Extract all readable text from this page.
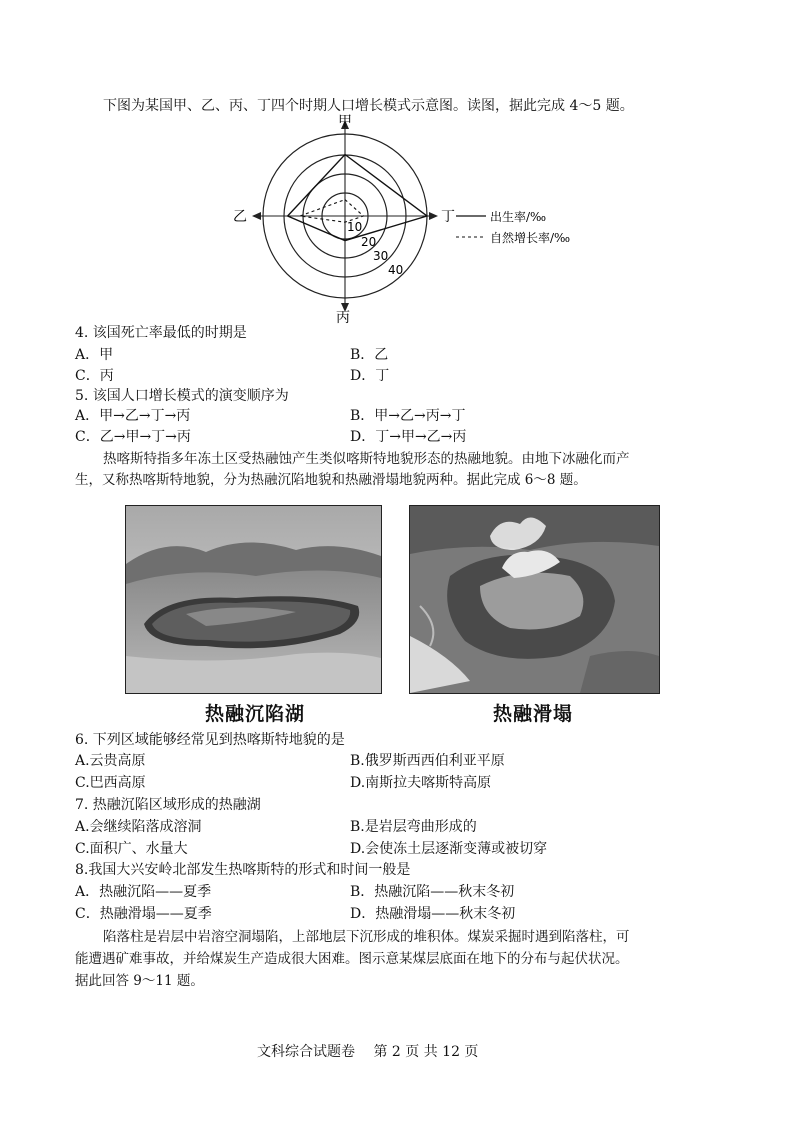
下图为某国甲、乙、丙、丁四个时期人口增长模式示意图。读图，据此完成 4～5 题。
甲
乙	丁
丙
10
20
30
40
出生率/‰
自然增长率/‰
4. 该国死亡率最低的时期是
A．甲	B．乙
C．丙	D．丁
5. 该国人口增长模式的演变顺序为
A．甲→乙→丁→丙	B．甲→乙→丙→丁
C．乙→甲→丁→丙	D．丁→甲→乙→丙
热喀斯特指多年冻土区受热融蚀产生类似喀斯特地貌形态的热融地貌。由地下冰融化而产
生，又称热喀斯特地貌，分为热融沉陷地貌和热融滑塌地貌两种。据此完成 6～8 题。
热融沉陷湖	热融滑塌
6. 下列区域能够经常见到热喀斯特地貌的是
A.云贵高原	B.俄罗斯西西伯利亚平原
C.巴西高原	D.南斯拉夫喀斯特高原
7. 热融沉陷区域形成的热融湖
A.会继续陷落成溶洞	B.是岩层弯曲形成的
C.面积广、水量大	D.会使冻土层逐渐变薄或被切穿
8.我国大兴安岭北部发生热喀斯特的形式和时间一般是
A．热融沉陷——夏季	B．热融沉陷——秋末冬初
C．热融滑塌——夏季	D．热融滑塌——秋末冬初
陷落柱是岩层中岩溶空洞塌陷，上部地层下沉形成的堆积体。煤炭采掘时遇到陷落柱，可
能遭遇矿难事故，并给煤炭生产造成很大困难。图示意某煤层底面在地下的分布与起伏状况。
据此回答 9～11 题。
文科综合试题卷　 第 2 页 共 12 页
